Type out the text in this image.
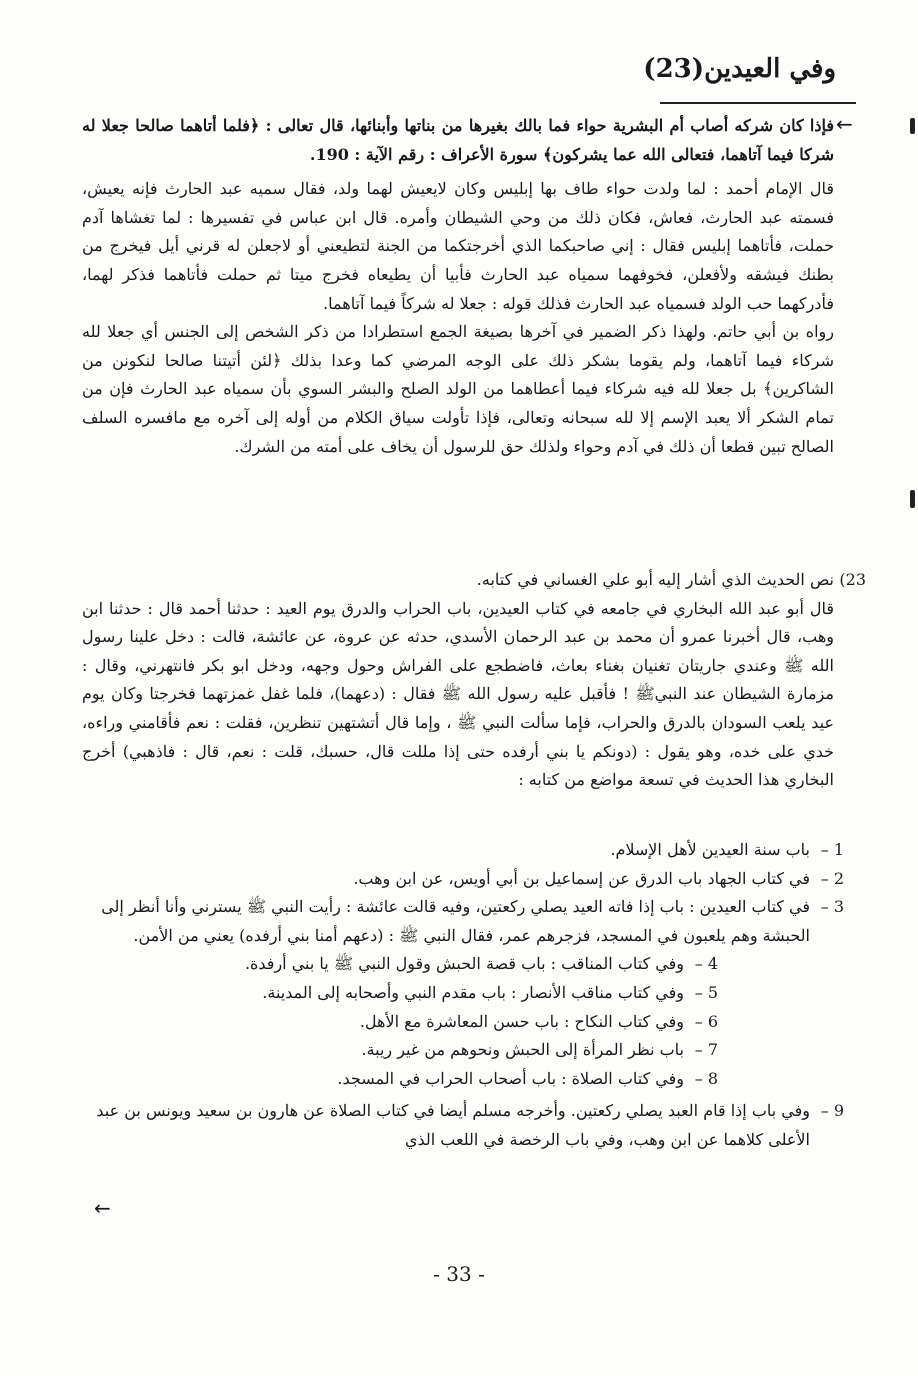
وفي العيدين(23)
←

فإذا كان شركه أصاب أم البشرية حواء فما بالك بغيرها من بناتها وأبنائها، قال تعالى : ﴿فلما أتاهما صالحا جعلا له شركا فيما آتاهما، فتعالى الله عما يشركون﴾ سورة الأعراف : رقم الآية : 190.

قال الإمام أحمد : لما ولدت حواء طاف بها إبليس وكان لايعيش لهما ولد، فقال سميه عبد الحارث فإنه يعيش، فسمته عبد الحارث، فعاش، فكان ذلك من وحي الشيطان وأمره. قال ابن عباس في تفسيرها : لما تغشاها آدم حملت، فأتاهما إبليس فقال : إني صاحبكما الذي أخرجتكما من الجنة لتطيعني أو لاجعلن له قرني أيل فيخرج من بطنك فيشقه ولأفعلن، فخوفهما سمياه عبد الحارث فأبيا أن يطيعاه فخرج ميتا ثم حملت فأتاهما فذكر لهما، فأدركهما حب الولد فسمياه عبد الحارث فذلك قوله : جعلا له شركاً فيما آتاهما.

رواه بن أبي حاتم. ولهذا ذكر الضمير في آخرها بصيغة الجمع استطرادا من ذكر الشخص إلى الجنس أي جعلا لله شركاء فيما آتاهما، ولم يقوما بشكر ذلك على الوجه المرضي كما وعدا بذلك ﴿لئن أتيتنا صالحا لنكونن من الشاكرين﴾ بل جعلا لله فيه شركاء فيما أعطاهما من الولد الصلح والبشر السوي بأن سمياه عبد الحارث فإن من تمام الشكر ألا يعبد الإسم إلا لله سبحانه وتعالى، فإذا تأولت سياق الكلام من أوله إلى آخره مع مافسره السلف الصالح تبين قطعا أن ذلك في آدم وحواء ولذلك حق للرسول أن يخاف على أمته من الشرك.

23)

نص الحديث الذي أشار إليه أبو علي الغساني في كتابه.

قال أبو عبد الله البخاري في جامعه في كتاب العيدين، باب الحراب والدرق يوم العيد : حدثنا أحمد قال : حدثنا ابن وهب، قال أخبرنا عمرو أن محمد بن عبد الرحمان الأسدي، حدثه عن عروة، عن عائشة، قالت : دخل علينا رسول الله ﷺ وعندي جاريتان تغنيان بغناء بعاث، فاضطجع على الفراش وحول وجهه، ودخل ابو بكر فانتهرني، وقال : مزمارة الشيطان عند النبيﷺ ! فأقبل عليه رسول الله ﷺ فقال : (دعهما)، فلما غفل غمزتهما فخرجتا وكان يوم عيد يلعب السودان بالدرق والحراب، فإما سألت النبي ﷺ ، وإما قال أتشتهين تنظرين، فقلت : نعم فأقامني وراءه، خدي على خده، وهو يقول : (دونكم يا بني أرفده حتى إذا مللت قال، حسبك، قلت : نعم، قال : فاذهبي) أخرج البخاري هذا الحديث في تسعة مواضع من كتابه :

1 –
باب سنة العيدين لأهل الإسلام.
2 –
في كتاب الجهاد باب الدرق عن إسماعيل بن أبي أويس، عن ابن وهب.
3 –
في كتاب العيدين : باب إذا فاته العيد يصلي ركعتين، وفيه قالت عائشة : رأيت النبي ﷺ يسترني وأنا أنظر إلى الحبشة وهم يلعبون في المسجد، فزجرهم عمر، فقال النبي ﷺ : (دعهم أمنا بني أرفده) يعني من الأمن.
4 –
وفي كتاب المناقب : باب قصة الحبش وقول النبي ﷺ يا بني أرفدة.
5 –
وفي كتاب مناقب الأنصار : باب مقدم النبي وأصحابه إلى المدينة.
6 –
وفي كتاب النكاح : باب حسن المعاشرة مع الأهل.
7 –
باب نظر المرأة إلى الحبش ونحوهم من غير ريبة.
8 –
وفي كتاب الصلاة : باب أصحاب الحراب في المسجد.
9 –
وفي باب إذا قام العبد يصلي ركعتين. وأخرجه مسلم أيضا في كتاب الصلاة عن هارون بن سعيد ويونس بن عبد الأعلى كلاهما عن ابن وهب، وفي باب الرخصة في اللعب الذي
←
- 33 -
